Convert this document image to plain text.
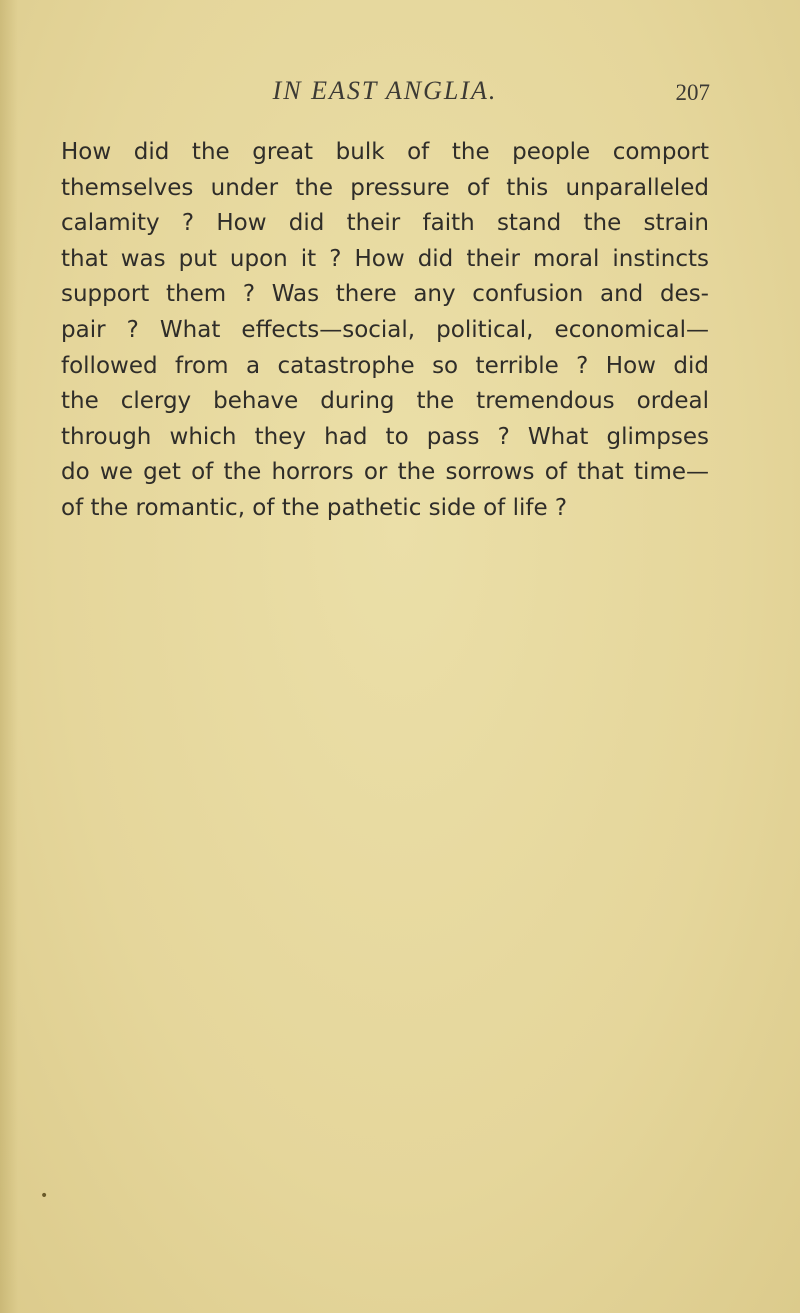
IN EAST ANGLIA.	207

How did the great bulk of the people comport
themselves under the pressure of this unparalleled
calamity ? How did their faith stand the strain
that was put upon it ? How did their moral instincts
support them ? Was there any confusion and des-
pair ? What effects—social, political, economical—
followed from a catastrophe so terrible ? How did
the clergy behave during the tremendous ordeal
through which they had to pass ? What glimpses
do we get of the horrors or the sorrows of that time—
of the romantic, of the pathetic side of life ?

•
